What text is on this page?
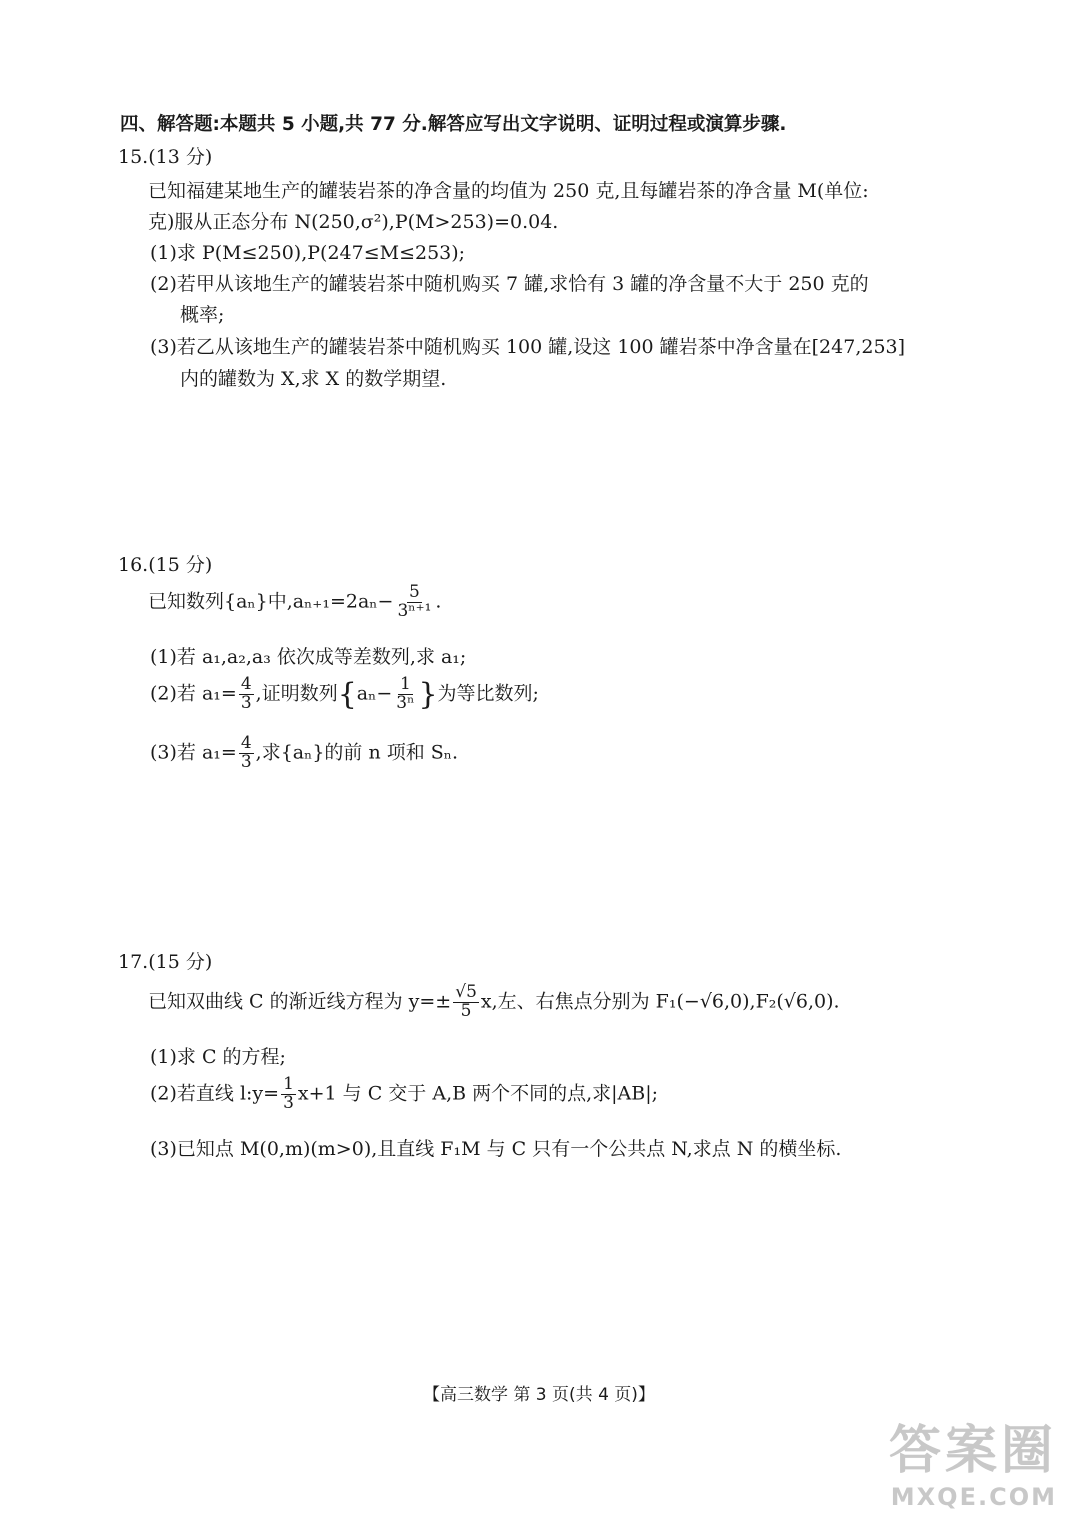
四、解答题:本题共 5 小题,共 77 分.解答应写出文字说明、证明过程或演算步骤.
15.(13 分)
已知福建某地生产的罐装岩茶的净含量的均值为 250 克,且每罐岩茶的净含量 M(单位:
克)服从正态分布 N(250,σ²),P(M>253)=0.04.
(1)求 P(M≤250),P(247≤M≤253);
(2)若甲从该地生产的罐装岩茶中随机购买 7 罐,求恰有 3 罐的净含量不大于 250 克的
概率;
(3)若乙从该地生产的罐装岩茶中随机购买 100 罐,设这 100 罐岩茶中净含量在[247,253]
内的罐数为 X,求 X 的数学期望.
16.(15 分)
已知数列{aₙ}中$,a_{n+1}=2a_n- \frac{5}{\text{3ⁿ⁺¹}}$ .
(1)若 a₁,a₂,a₃ 依次成等差数列,求 a₁;
(2)若 $a_1= \frac{4}{3}$ ,证明数列{$a_n- \frac{1}{\text{3ⁿ}}$ }为等比数列;
(3)若 $a_1= \frac{4}{3}$ ,求{aₙ}的前 n 项和 Sₙ.
17.(15 分)
已知双曲线 C 的渐近线方程为 $y=\pm \frac{√5}{5} x$,左、右焦点分别为 F₁(−√6,0),F₂(√6,0).
(1)求 C 的方程;
(2)若直线 l:y= $\frac{1}{3} x+1$ 与 C 交于 A,B 两个不同的点,求|AB|;
(3)已知点 M(0,m)(m>0),且直线 F₁M 与 C 只有一个公共点 N,求点 N 的横坐标.
【高三数学 第 3 页(共 4 页)】
答案圈
MXQE.COM
